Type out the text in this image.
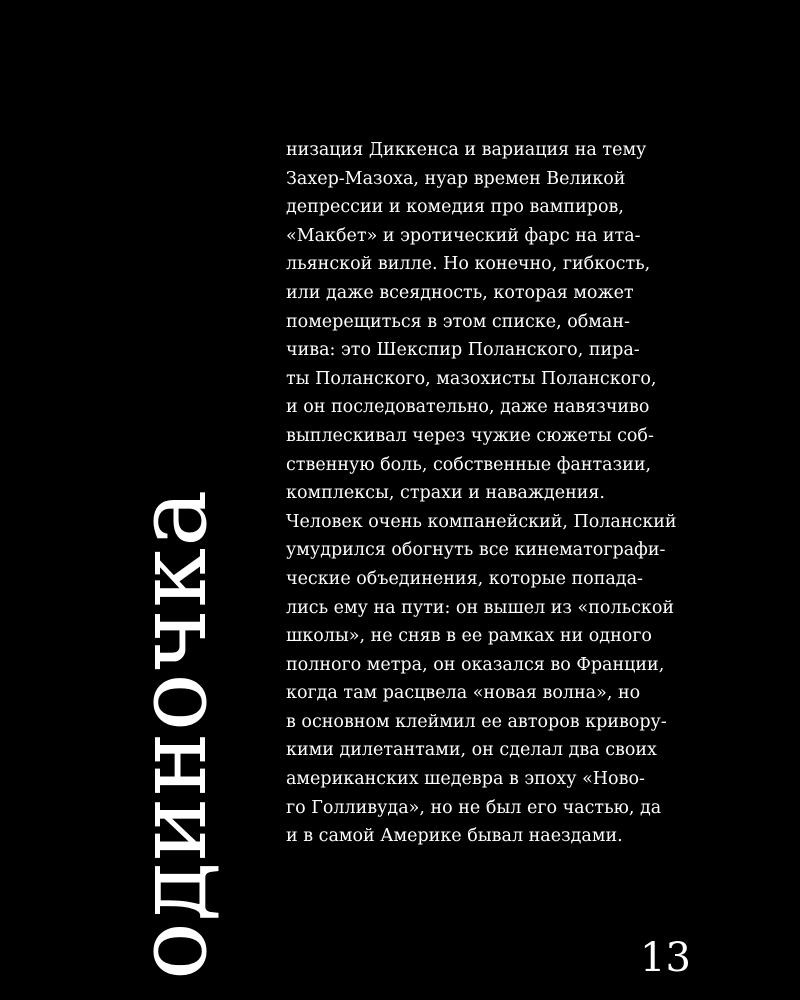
одиночка
низация Диккенса и вариация на тему
Захер-Мазоха, нуар времен Великой
депрессии и комедия про вампиров,
«Макбет» и эротический фарс на ита-
льянской вилле. Но конечно, гибкость,
или даже всеядность, которая может
померещиться в этом списке, обман-
чива: это Шекспир Поланского, пира-
ты Поланского, мазохисты Поланского,
и он последовательно, даже навязчиво
выплескивал через чужие сюжеты соб-
ственную боль, собственные фантазии,
комплексы, страхи и наваждения.
Человек очень компанейский, Поланский
умудрился обогнуть все кинематографи-
ческие объединения, которые попада-
лись ему на пути: он вышел из «польской
школы», не сняв в ее рамках ни одного
полного метра, он оказался во Франции,
когда там расцвела «новая волна», но
в основном клеймил ее авторов кривору-
кими дилетантами, он сделал два своих
американских шедевра в эпоху «Ново-
го Голливуда», но не был его частью, да
и в самой Америке бывал наездами.
13
